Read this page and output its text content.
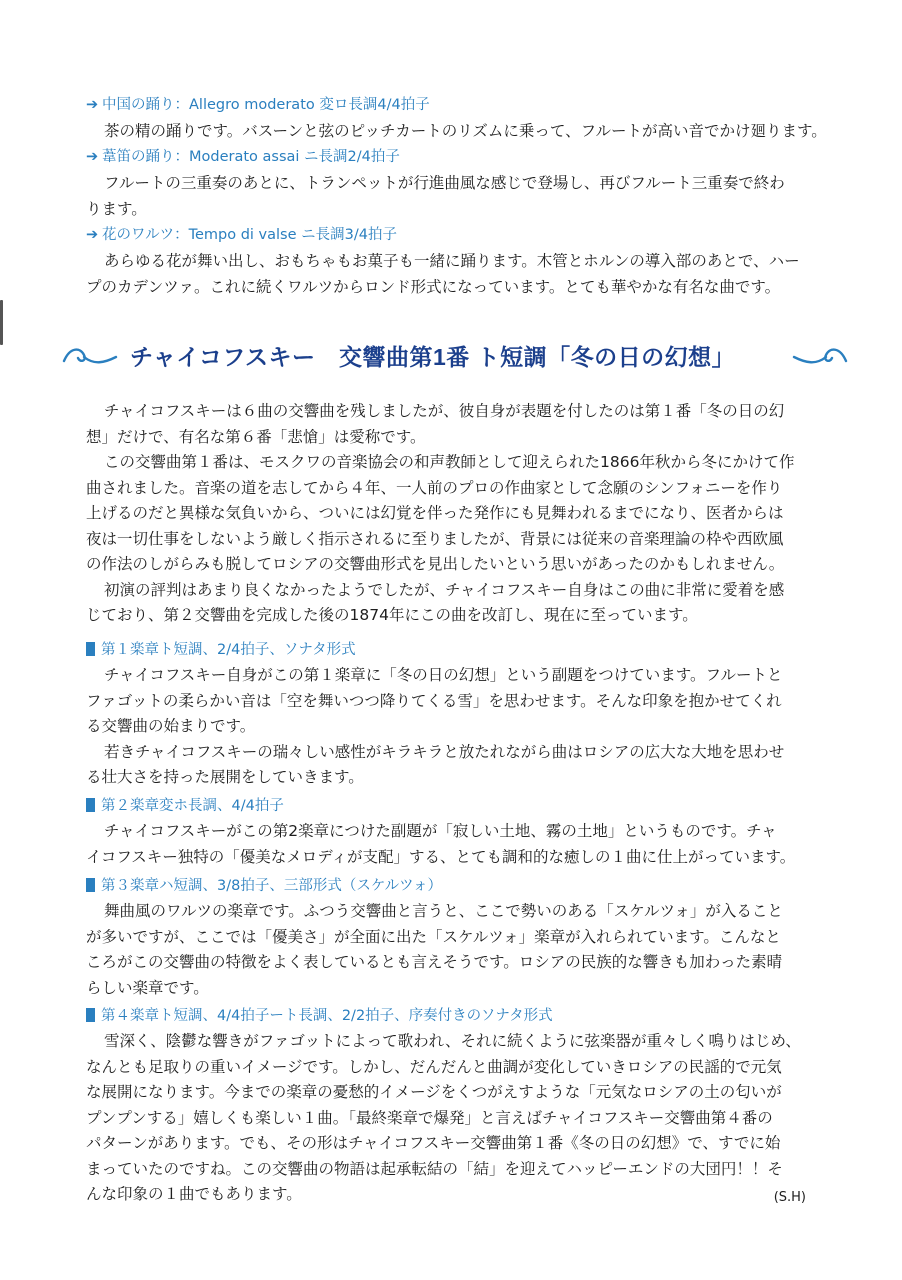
➔ 中国の踊り：Allegro moderato 変ロ長調4/4拍子

茶の精の踊りです。バスーンと弦のピッチカートのリズムに乗って、フルートが高い音でかけ廻ります。

➔ 葦笛の踊り：Moderato assai ニ長調2/4拍子

フルートの三重奏のあとに、トランペットが行進曲風な感じで登場し、再びフルート三重奏で終わ

ります。

➔ 花のワルツ：Tempo di valse ニ長調3/4拍子

あらゆる花が舞い出し、おもちゃもお菓子も一緒に踊ります。木管とホルンの導入部のあとで、ハー

プのカデンツァ。これに続くワルツからロンド形式になっています。とても華やかな有名な曲です。

チャイコフスキー　交響曲第1番 ト短調「冬の日の幻想」

チャイコフスキーは６曲の交響曲を残しましたが、彼自身が表題を付したのは第１番「冬の日の幻

想」だけで、有名な第６番「悲愴」は愛称です。

この交響曲第１番は、モスクワの音楽協会の和声教師として迎えられた1866年秋から冬にかけて作

曲されました。音楽の道を志してから４年、一人前のプロの作曲家として念願のシンフォニーを作り

上げるのだと異様な気負いから、ついには幻覚を伴った発作にも見舞われるまでになり、医者からは

夜は一切仕事をしないよう厳しく指示されるに至りましたが、背景には従来の音楽理論の枠や西欧風

の作法のしがらみも脱してロシアの交響曲形式を見出したいという思いがあったのかもしれません。

初演の評判はあまり良くなかったようでしたが、チャイコフスキー自身はこの曲に非常に愛着を感

じており、第２交響曲を完成した後の1874年にこの曲を改訂し、現在に至っています。

第１楽章ト短調、2/4拍子、ソナタ形式

チャイコフスキー自身がこの第１楽章に「冬の日の幻想」という副題をつけています。フルートと

ファゴットの柔らかい音は「空を舞いつつ降りてくる雪」を思わせます。そんな印象を抱かせてくれ

る交響曲の始まりです。

若きチャイコフスキーの瑞々しい感性がキラキラと放たれながら曲はロシアの広大な大地を思わせ

る壮大さを持った展開をしていきます。

第２楽章変ホ長調、4/4拍子

チャイコフスキーがこの第2楽章につけた副題が「寂しい土地、霧の土地」というものです。チャ

イコフスキー独特の「優美なメロディが支配」する、とても調和的な癒しの１曲に仕上がっています。

第３楽章ハ短調、3/8拍子、三部形式（スケルツォ）

舞曲風のワルツの楽章です。ふつう交響曲と言うと、ここで勢いのある「スケルツォ」が入ること

が多いですが、ここでは「優美さ」が全面に出た「スケルツォ」楽章が入れられています。こんなと

ころがこの交響曲の特徴をよく表しているとも言えそうです。ロシアの民族的な響きも加わった素晴

らしい楽章です。

第４楽章ト短調、4/4拍子ート長調、2/2拍子、序奏付きのソナタ形式

雪深く、陰鬱な響きがファゴットによって歌われ、それに続くように弦楽器が重々しく鳴りはじめ、

なんとも足取りの重いイメージです。しかし、だんだんと曲調が変化していきロシアの民謡的で元気

な展開になります。今までの楽章の憂愁的イメージをくつがえすような「元気なロシアの土の匂いが

プンプンする」嬉しくも楽しい１曲。「最終楽章で爆発」と言えばチャイコフスキー交響曲第４番の

パターンがあります。でも、その形はチャイコフスキー交響曲第１番《冬の日の幻想》で、すでに始

まっていたのですね。この交響曲の物語は起承転結の「結」を迎えてハッピーエンドの大団円！！そ

んな印象の１曲でもあります。	(S.H)
